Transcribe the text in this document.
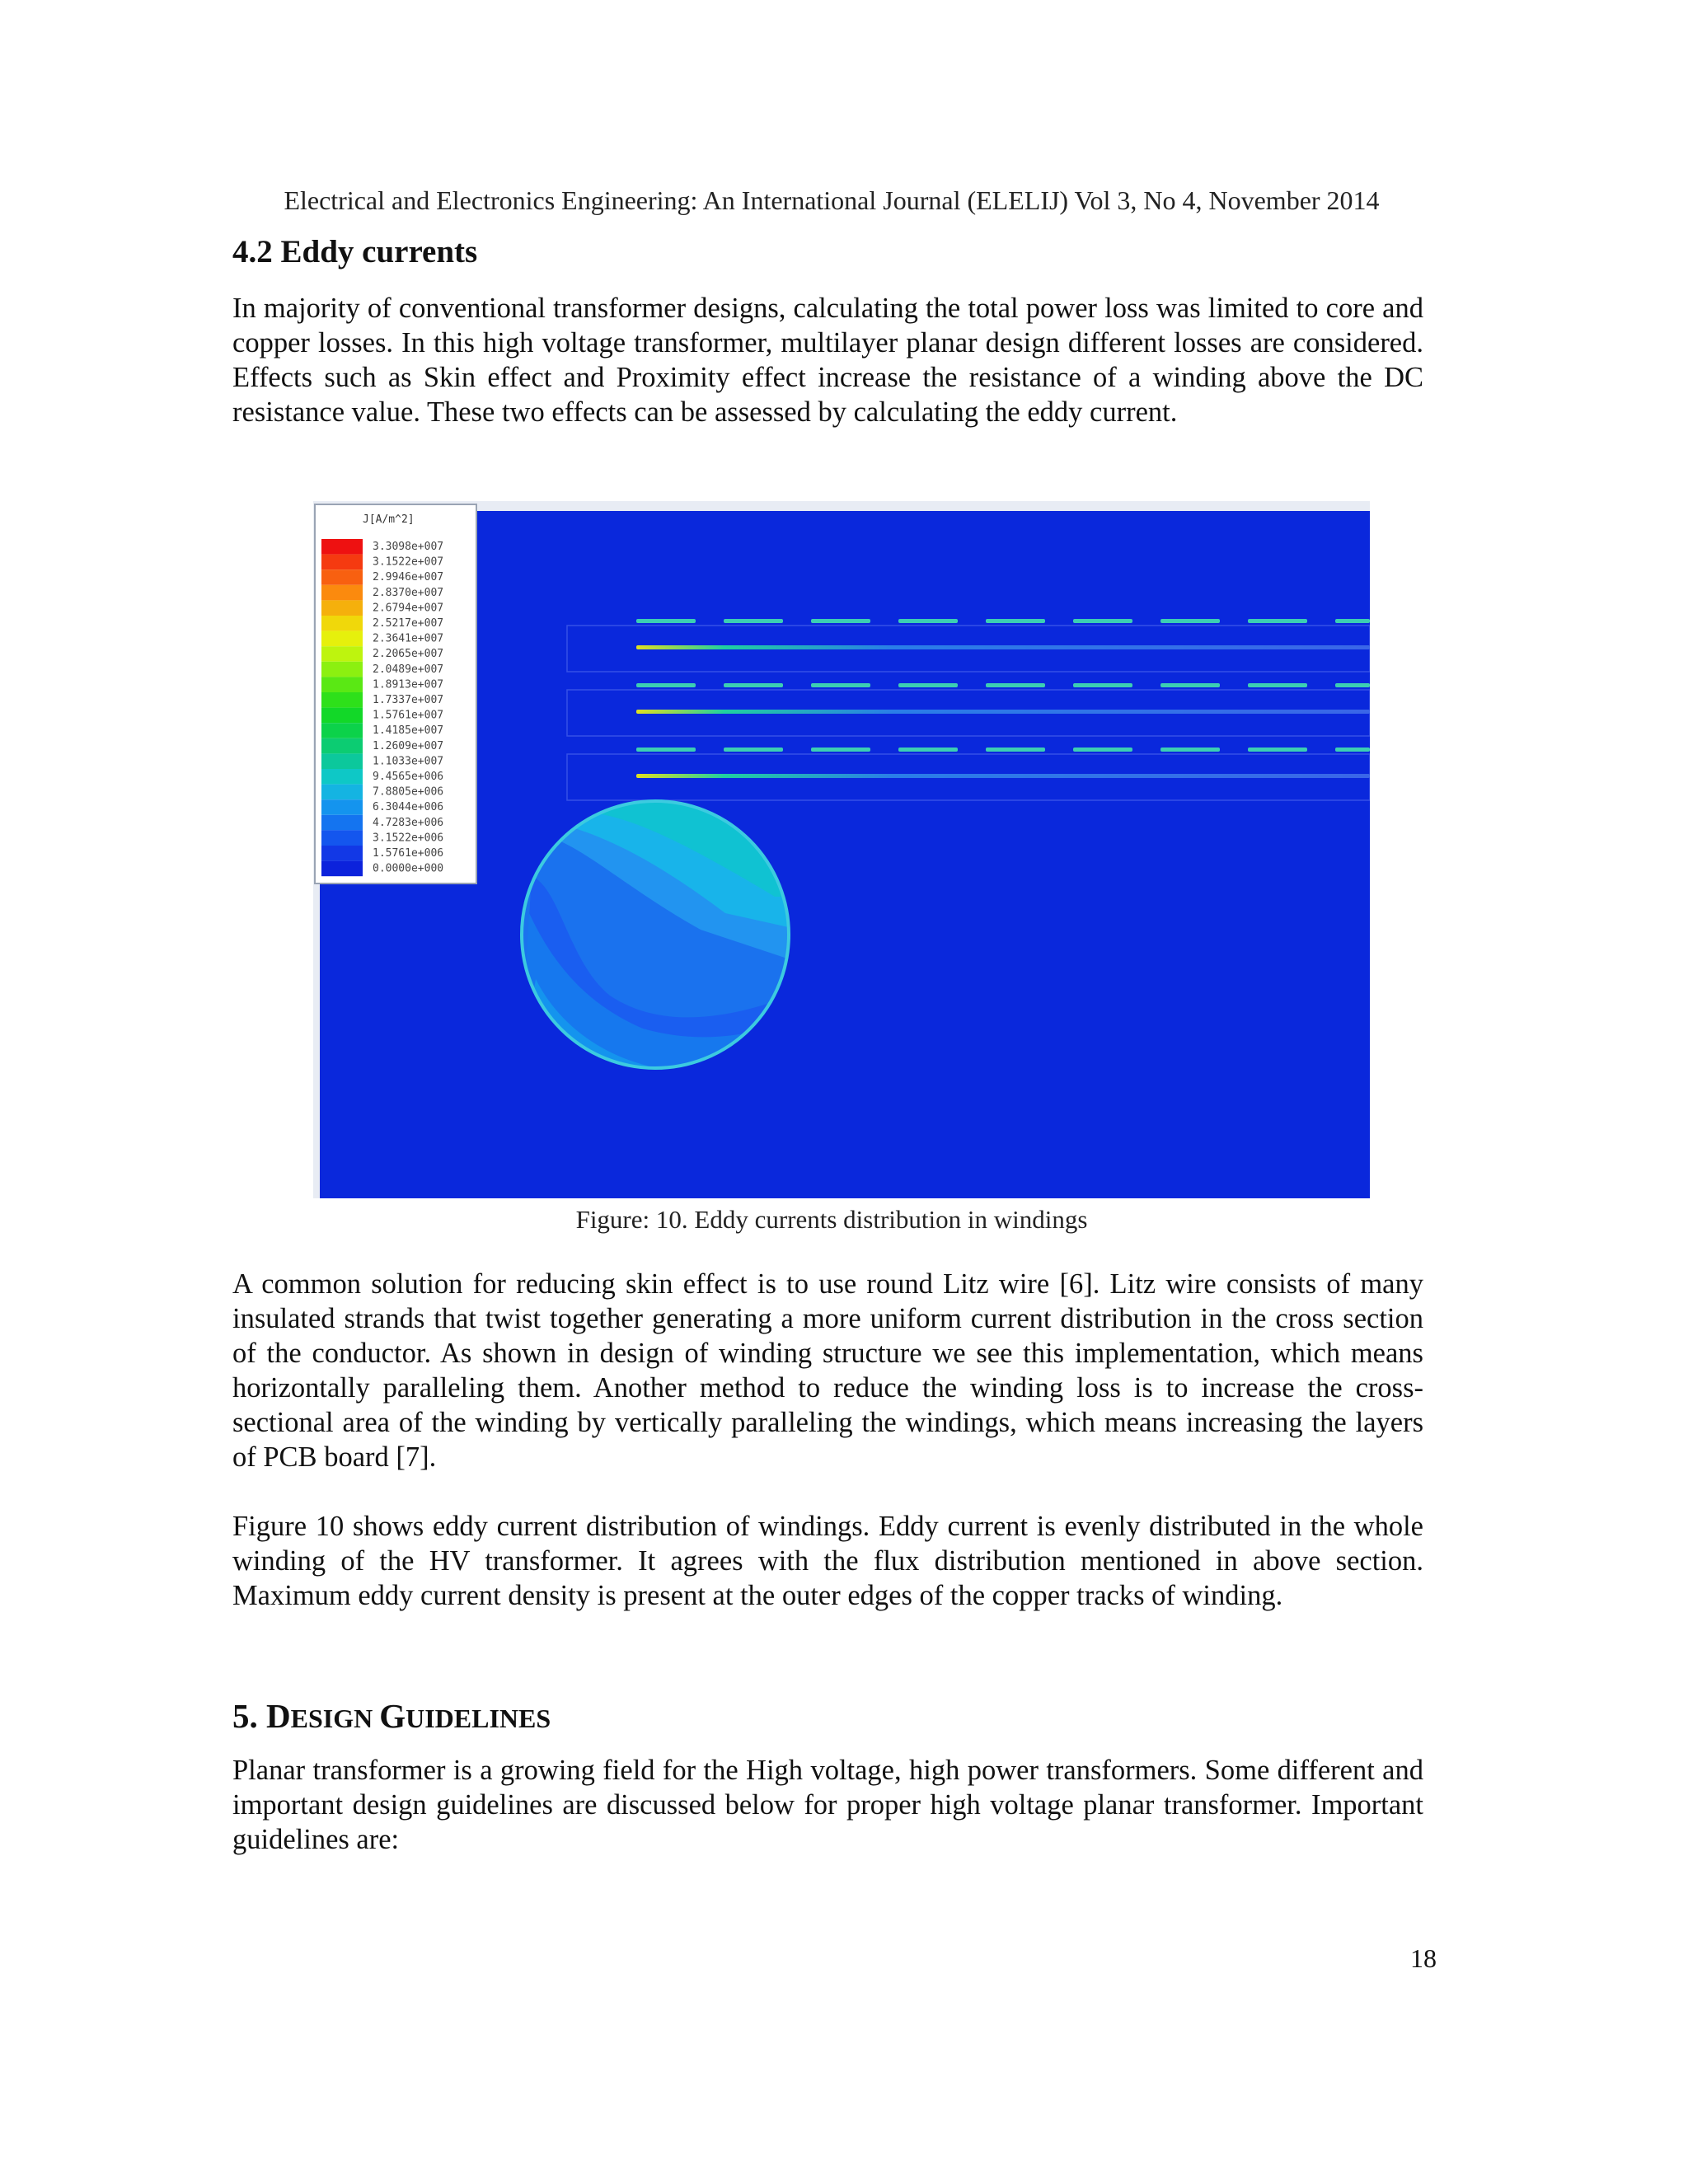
Electrical and Electronics Engineering: An International Journal (ELELIJ) Vol 3, No 4, November 2014
4.2 Eddy currents
In majority of conventional transformer designs, calculating the total power loss was limited to core and copper losses. In this high voltage transformer, multilayer planar design different losses are considered. Effects such as Skin effect and Proximity effect increase the resistance of a winding above the DC resistance value. These two effects can be assessed by calculating the eddy current.
J[A/m^2]
3.3098e+007
3.1522e+007
2.9946e+007
2.8370e+007
2.6794e+007
2.5217e+007
2.3641e+007
2.2065e+007
2.0489e+007
1.8913e+007
1.7337e+007
1.5761e+007
1.4185e+007
1.2609e+007
1.1033e+007
9.4565e+006
7.8805e+006
6.3044e+006
4.7283e+006
3.1522e+006
1.5761e+006
0.0000e+000
Figure: 10. Eddy currents distribution in windings
A common solution for reducing skin effect is to use round Litz wire [6]. Litz wire consists of many insulated strands that twist together generating a more uniform current distribution in the cross section of the conductor. As shown in design of winding structure we see this implementation, which means horizontally paralleling them. Another method to reduce the winding loss is to increase the cross-sectional area of the winding by vertically paralleling the windings, which means increasing the layers of PCB board [7].
Figure 10 shows eddy current distribution of windings. Eddy current is evenly distributed in the whole winding of the HV transformer. It agrees with the flux distribution mentioned in above section. Maximum eddy current density is present at the outer edges of the copper tracks of winding.
5. DESIGN GUIDELINES
Planar transformer is a growing field for the High voltage, high power transformers. Some different and important design guidelines are discussed below for proper high voltage planar transformer. Important guidelines are:
18
